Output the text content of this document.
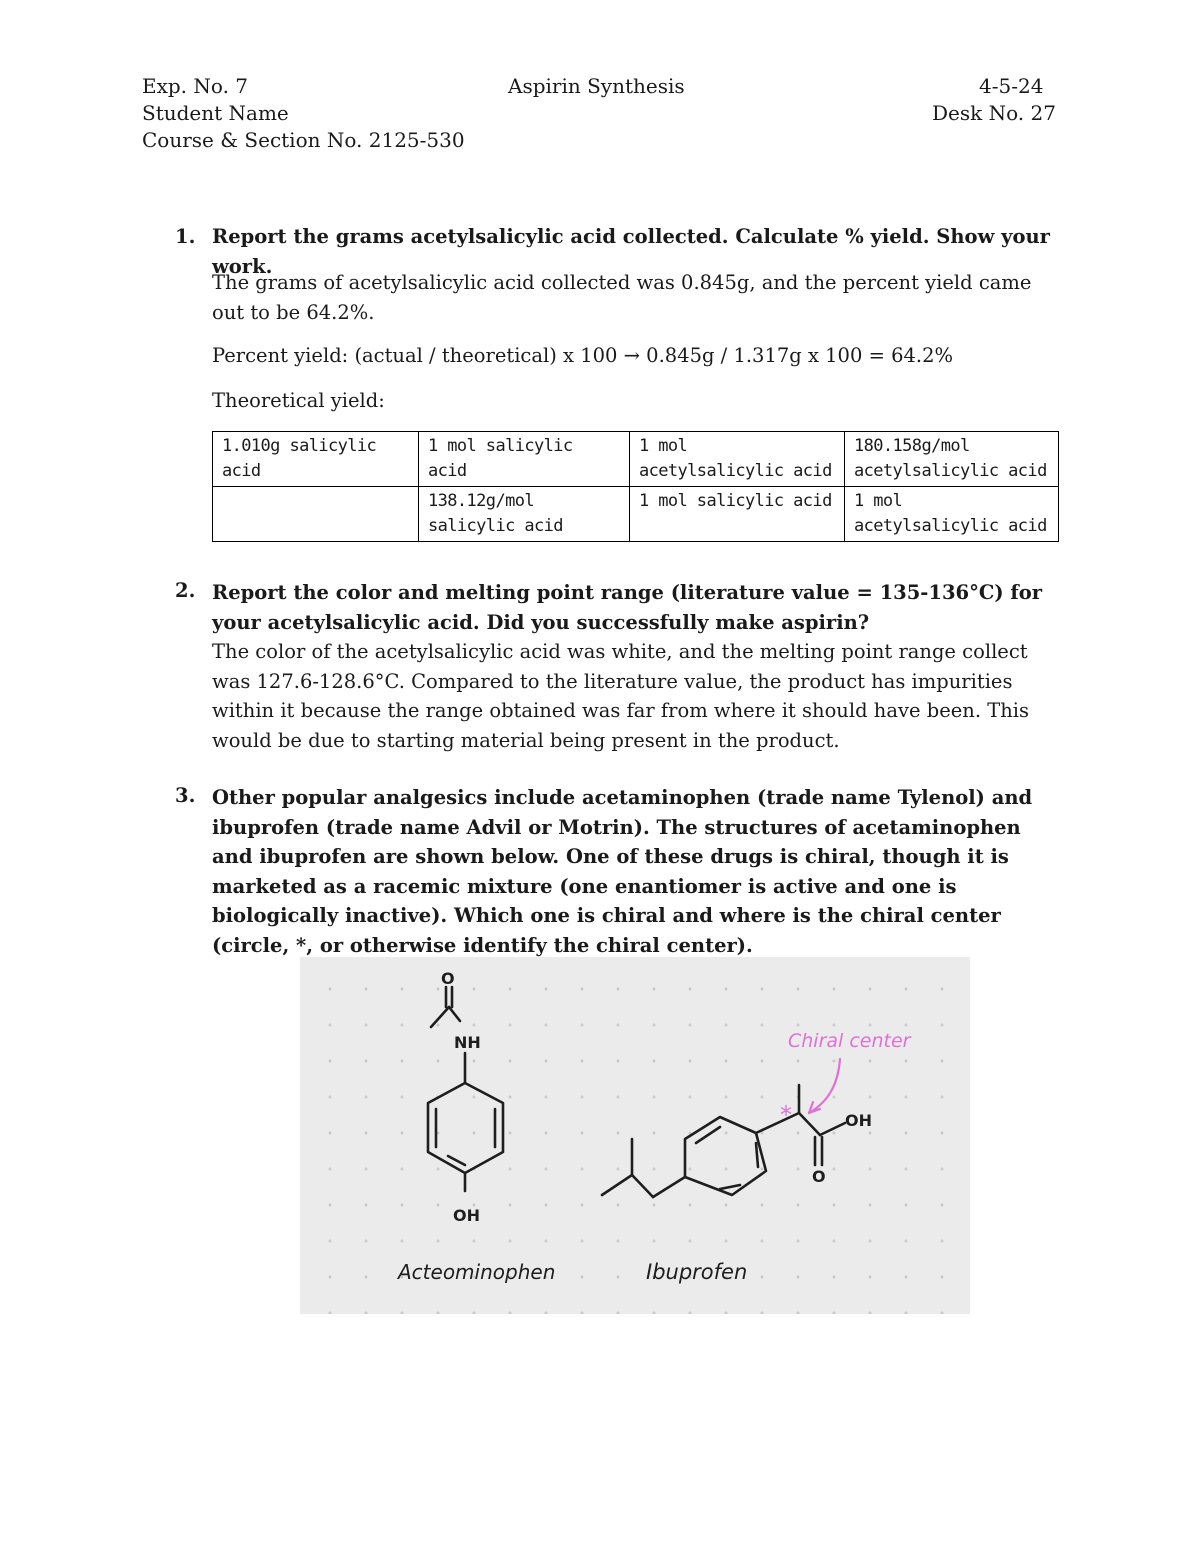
Exp. No. 7	Aspirin Synthesis	4-5-24
Student Name	Desk No. 27
Course & Section No. 2125-530
1. Report the grams acetylsalicylic acid collected. Calculate % yield. Show your work.
The grams of acetylsalicylic acid collected was 0.845g, and the percent yield came out to be 64.2%.
Percent yield: (actual / theoretical) x 100 → 0.845g / 1.317g x 100 = 64.2%
Theoretical yield:
1.010g salicylic acid	1 mol salicylic acid	1 mol acetylsalicylic acid	180.158g/mol acetylsalicylic acid
	138.12g/mol salicylic acid	1 mol salicylic acid	1 mol acetylsalicylic acid
2. Report the color and melting point range (literature value = 135-136°C) for your acetylsalicylic acid. Did you successfully make aspirin?
The color of the acetylsalicylic acid was white, and the melting point range collect was 127.6-128.6°C. Compared to the literature value, the product has impurities within it because the range obtained was far from where it should have been. This would be due to starting material being present in the product.
3. Other popular analgesics include acetaminophen (trade name Tylenol) and ibuprofen (trade name Advil or Motrin). The structures of acetaminophen and ibuprofen are shown below. One of these drugs is chiral, though it is marketed as a racemic mixture (one enantiomer is active and one is biologically inactive). Which one is chiral and where is the chiral center (circle, *, or otherwise identify the chiral center).
O
NH
OH
OH
O
*
Chiral center
Acteominophen	Ibuprofen
